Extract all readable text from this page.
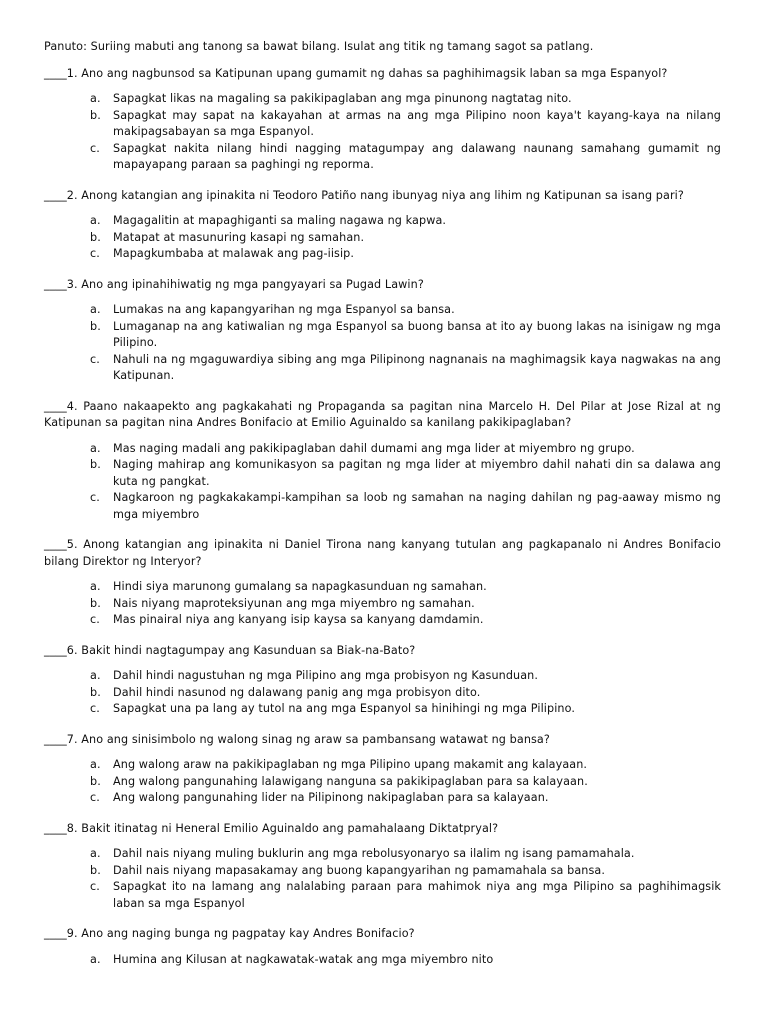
Panuto: Suriing mabuti ang tanong sa bawat bilang. Isulat ang titik ng tamang sagot sa patlang.

____1. Ano ang nagbunsod sa Katipunan upang gumamit ng dahas sa paghihimagsik laban sa mga Espanyol?

a.	Sapagkat likas na magaling sa pakikipaglaban ang mga pinunong nagtatag nito.
b.	Sapagkat may sapat na kakayahan at armas na ang mga Pilipino noon kaya't kayang-kaya na nilang makipagsabayan sa mga Espanyol.
c.	Sapagkat nakita nilang hindi nagging matagumpay ang dalawang naunang samahang gumamit ng mapayapang paraan sa paghingi ng reporma.

____2. Anong katangian ang ipinakita ni Teodoro Patiño nang ibunyag niya ang lihim ng Katipunan sa isang pari?

a.	Magagalitin at mapaghiganti sa maling nagawa ng kapwa.
b.	Matapat at masunuring kasapi ng samahan.
c.	Mapagkumbaba at malawak ang pag-iisip.

____3. Ano ang ipinahihiwatig ng mga pangyayari sa Pugad Lawin?

a.	Lumakas na ang kapangyarihan ng mga Espanyol sa bansa.
b.	Lumaganap na ang katiwalian ng mga Espanyol sa buong bansa at ito ay buong lakas na isinigaw ng mga Pilipino.
c.	Nahuli na ng mgaguwardiya sibing ang mga Pilipinong nagnanais na maghimagsik kaya nagwakas na ang Katipunan.

____4. Paano nakaapekto ang pagkakahati ng Propaganda sa pagitan nina Marcelo H. Del Pilar at Jose Rizal at ng Katipunan sa pagitan nina Andres Bonifacio at Emilio Aguinaldo sa kanilang pakikipaglaban?

a.	Mas naging madali ang pakikipaglaban dahil dumami ang mga lider at miyembro ng grupo.
b.	Naging mahirap ang komunikasyon sa pagitan ng mga lider at miyembro dahil nahati din sa dalawa ang kuta ng pangkat.
c.	Nagkaroon ng pagkakakampi-kampihan sa loob ng samahan na naging dahilan ng pag-aaway mismo ng mga miyembro

____5. Anong katangian ang ipinakita ni Daniel Tirona nang kanyang tutulan ang pagkapanalo ni Andres Bonifacio bilang Direktor ng Interyor?

a.	Hindi siya marunong gumalang sa napagkasunduan ng samahan.
b.	Nais niyang maproteksiyunan ang mga miyembro ng samahan.
c.	Mas pinairal niya ang kanyang isip kaysa sa kanyang damdamin.

____6. Bakit hindi nagtagumpay ang Kasunduan sa Biak-na-Bato?

a.	Dahil hindi nagustuhan ng mga Pilipino ang mga probisyon ng Kasunduan.
b.	Dahil hindi nasunod ng dalawang panig ang mga probisyon dito.
c.	Sapagkat una pa lang ay tutol na ang mga Espanyol sa hinihingi ng mga Pilipino.

____7. Ano ang sinisimbolo ng walong sinag ng araw sa pambansang watawat ng bansa?

a.	Ang walong araw na pakikipaglaban ng mga Pilipino upang makamit ang kalayaan.
b.	Ang walong pangunahing lalawigang nanguna sa pakikipaglaban para sa kalayaan.
c.	Ang walong pangunahing lider na Pilipinong nakipaglaban para sa kalayaan.

____8. Bakit itinatag ni Heneral Emilio Aguinaldo ang pamahalaang Diktatpryal?

a.	Dahil nais niyang muling buklurin ang mga rebolusyonaryo sa ilalim ng isang pamamahala.
b.	Dahil nais niyang mapasakamay ang buong kapangyarihan ng pamamahala sa bansa.
c.	Sapagkat ito na lamang ang nalalabing paraan para mahimok niya ang mga Pilipino sa paghihimagsik laban sa mga Espanyol

____9. Ano ang naging bunga ng pagpatay kay Andres Bonifacio?

a.	Humina ang Kilusan at nagkawatak-watak ang mga miyembro nito
